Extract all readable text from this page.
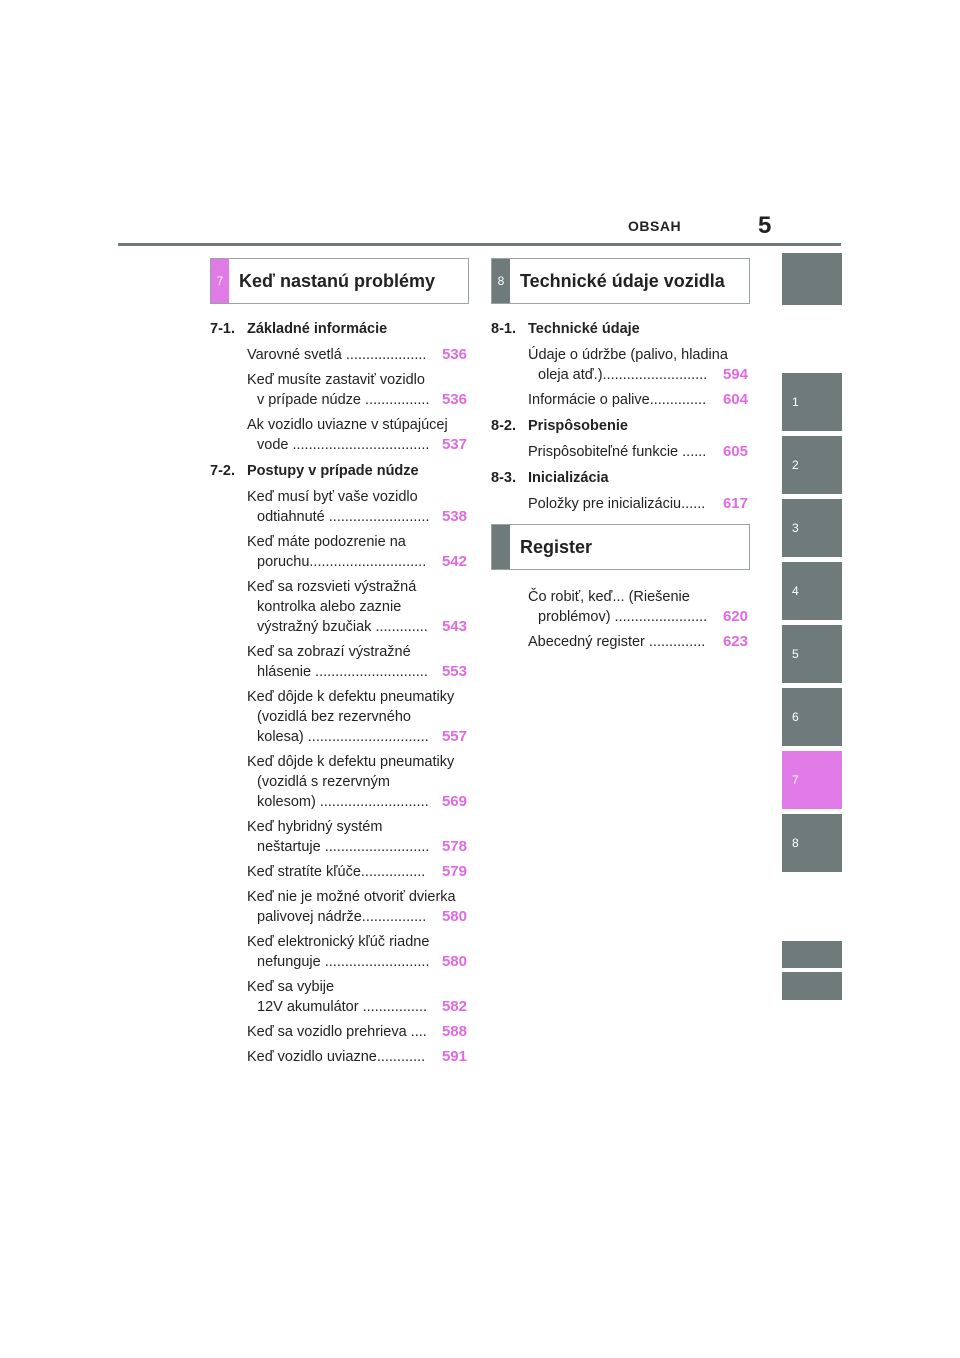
OBSAH	5
7 Keď nastanú problémy	8 Technické údaje vozidla
Register
7-1. Základné informácie
Varovné svetlá .................... 536
Keď musíte zastaviť vozidlo
v prípade núdze ................ 536
Ak vozidlo uviazne v stúpajúcej
vode .................................. 537
7-2. Postupy v prípade núdze
Keď musí byť vaše vozidlo
odtiahnuté ......................... 538
Keď máte podozrenie na
poruchu............................. 542
Keď sa rozsvieti výstražná
kontrolka alebo zaznie
výstražný bzučiak ............. 543
Keď sa zobrazí výstražné
hlásenie ............................ 553
Keď dôjde k defektu pneumatiky
(vozidlá bez rezervného
kolesa) .............................. 557
Keď dôjde k defektu pneumatiky
(vozidlá s rezervným
kolesom) ........................... 569
Keď hybridný systém
neštartuje .......................... 578
Keď stratíte kľúče................ 579
Keď nie je možné otvoriť dvierka
palivovej nádrže................ 580
Keď elektronický kľúč riadne
nefunguje .......................... 580
Keď sa vybije
12V akumulátor ................ 582
Keď sa vozidlo prehrieva .... 588
Keď vozidlo uviazne............ 591
8-1. Technické údaje
Údaje o údržbe (palivo, hladina
oleja atď.).......................... 594
Informácie o palive.............. 604
8-2. Prispôsobenie
Prispôsobiteľné funkcie ...... 605
8-3. Inicializácia
Položky pre inicializáciu...... 617
Čo robiť, keď... (Riešenie
problémov) ....................... 620
Abecedný register .............. 623
1
2
3
4
5
6
7
8
